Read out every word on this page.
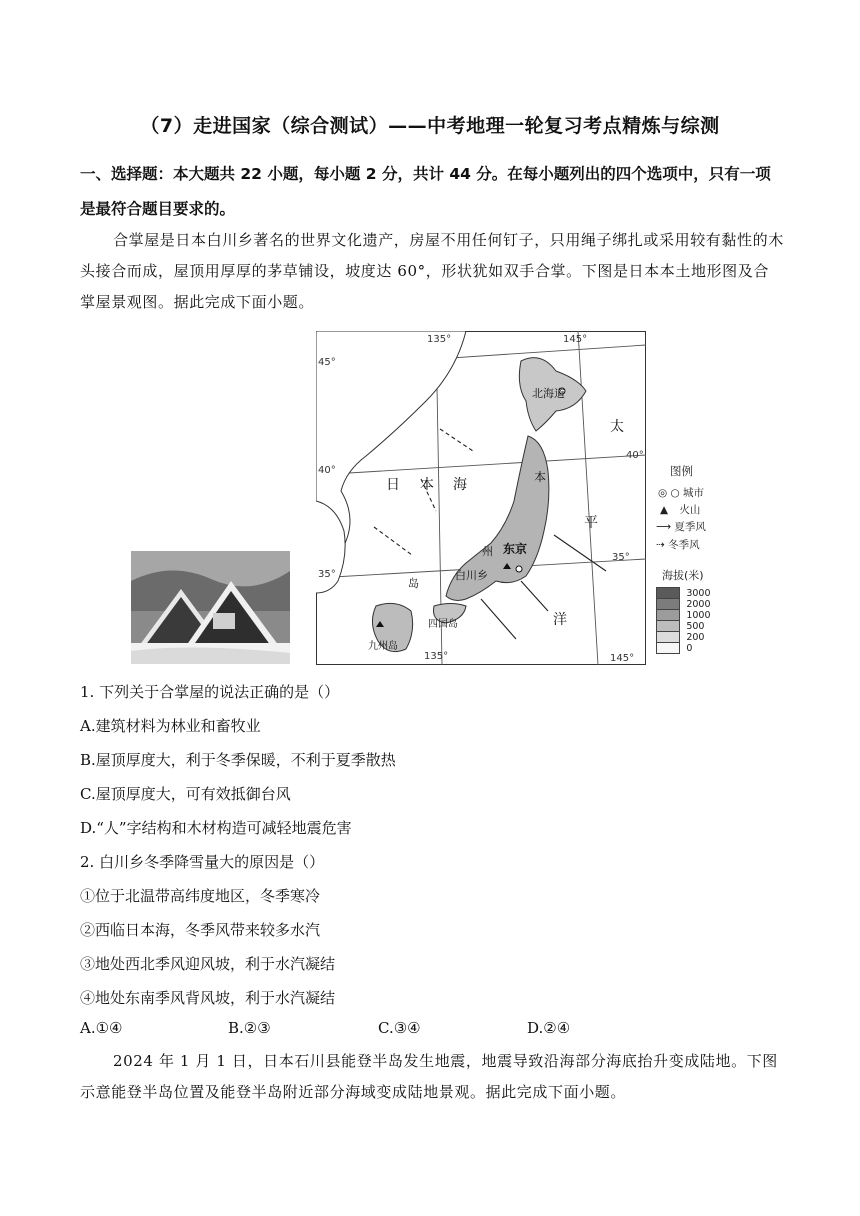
（7）走进国家（综合测试）——中考地理一轮复习考点精炼与综测
一、选择题：本大题共 22 小题，每小题 2 分，共计 44 分。在每小题列出的四个选项中，只有一项是最符合题目要求的。
合掌屋是日本白川乡著名的世界文化遗产，房屋不用任何钉子，只用绳子绑扎或采用较有黏性的木头接合而成，屋顶用厚厚的茅草铺设，坡度达 60°，形状犹如双手合掌。下图是日本本土地形图及合掌屋景观图。据此完成下面小题。
135°	145°
135°	145°
45°
40°
35°
40°
35°
北海道
日 本 海	本
州
太
平
洋
东京
白川乡
四国岛
九州岛
岛
图例
◎ ○ 城市
▲ 火山
⟶ 夏季风
⇢ 冬季风
海拔(米)
3000
2000
1000
500
200
0
1. 下列关于合掌屋的说法正确的是（）
A.建筑材料为林业和畜牧业
B.屋顶厚度大，利于冬季保暖，不利于夏季散热
C.屋顶厚度大，可有效抵御台风
D.“人”字结构和木材构造可减轻地震危害
2. 白川乡冬季降雪量大的原因是（）
①位于北温带高纬度地区，冬季寒冷
②西临日本海，冬季风带来较多水汽
③地处西北季风迎风坡，利于水汽凝结
④地处东南季风背风坡，利于水汽凝结
A.①④	B.②③	C.③④	D.②④
2024 年 1 月 1 日，日本石川县能登半岛发生地震，地震导致沿海部分海底抬升变成陆地。下图示意能登半岛位置及能登半岛附近部分海域变成陆地景观。据此完成下面小题。
